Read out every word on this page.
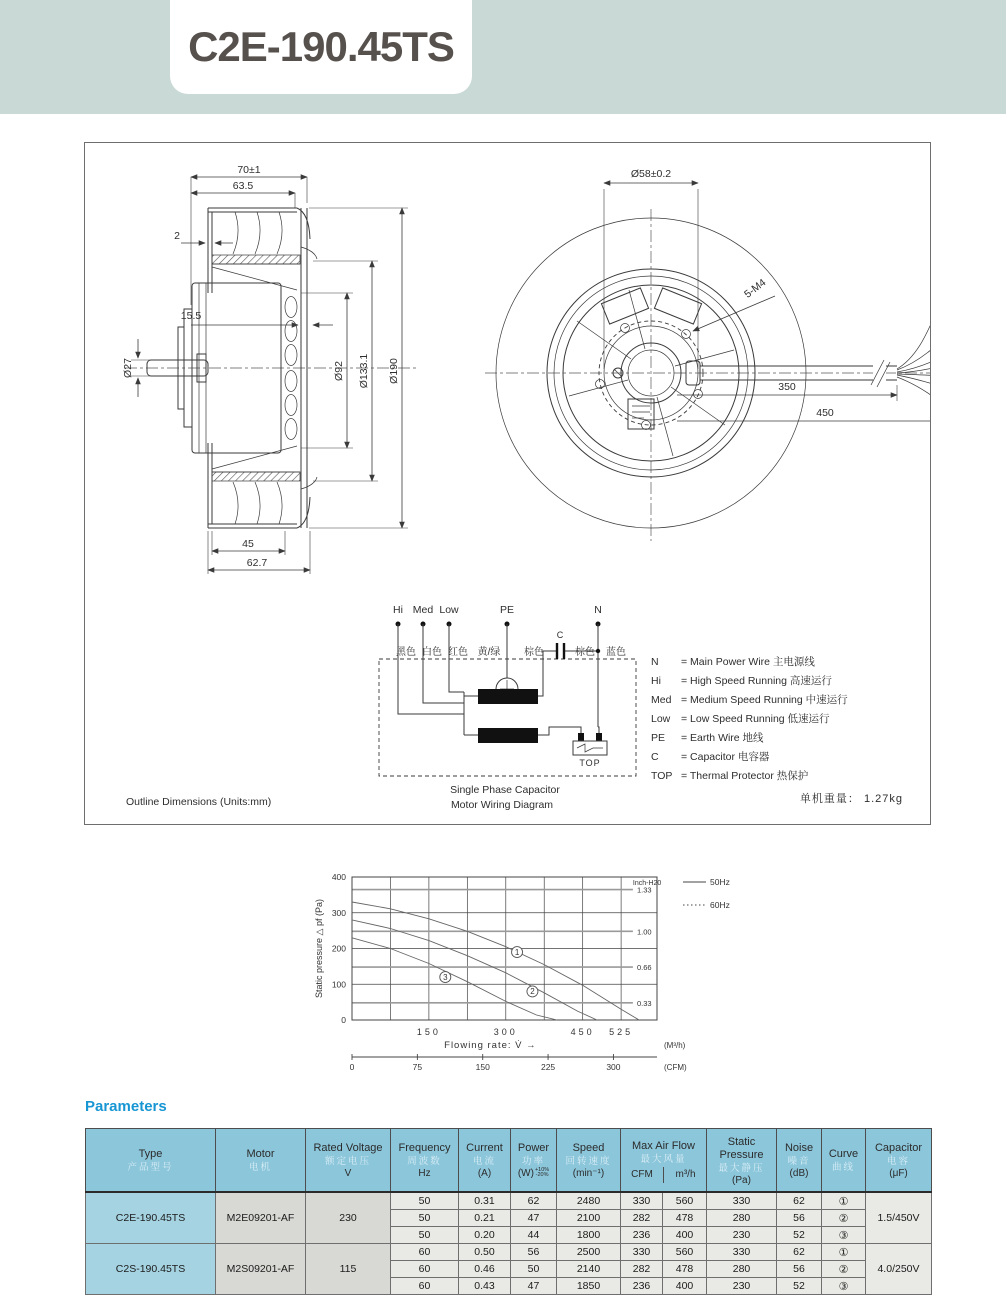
C2E-190.45TS
70±1
63.5
2
15.5
Ø27	Ø92 Ø133.1 Ø190
45
62.7
Ø58±0.2
5-M4
350
450
Hi Med Low	PE	N
C
TOP
黑色 白色 红色 黄/绿 棕色	棕色 蓝色
Single Phase Capacitor
Motor Wiring Diagram
N = Main Power Wire 主电源线
Hi = High Speed Running 高速运行
Med = Medium Speed Running 中速运行
Low = Low Speed Running 低速运行
PE = Earth Wire 地线
C = Capacitor 电容器
TOP = Thermal Protector 热保护
单机重量： 1.27kg
Outline Dimensions (Units:mm)
1.33
1.00
0.66
0.33
Inch-H20
0
100
200
300
400
Static pressure △ pf (Pa)
150	300	450 525
Flowing rate: V̇ →	(M³/h)
0	75	150	225	300	(CFM)
50Hz
60Hz
1
2
3
Parameters
Type
产品型号

Motor
电机

Rated Voltage
额定电压
V

Frequency
周波数
Hz

Current
电流
(A)

Power
功率
(W) +10%
-20%

Speed
回转速度
(min⁻¹)

Max Air Flow
最大风量
CFM	m³/h

Static Pressure
最大静压
(Pa)

Noise
噪音
(dB)

Curve
曲线

Capacitor
电容
(μF)

C2E-190.45TS	M2E09201-AF	230	50	0.31	62	2480	330	560	330	62	①	1.5/450V
			50	0.21	47	2100	282	478	280	56	②	
			50	0.20	44	1800	236	400	230	52	③	
C2S-190.45TS	M2S09201-AF	115	60	0.50	56	2500	330	560	330	62	①	4.0/250V
			60	0.46	50	2140	282	478	280	56	②	
			60	0.43	47	1850	236	400	230	52	③	
